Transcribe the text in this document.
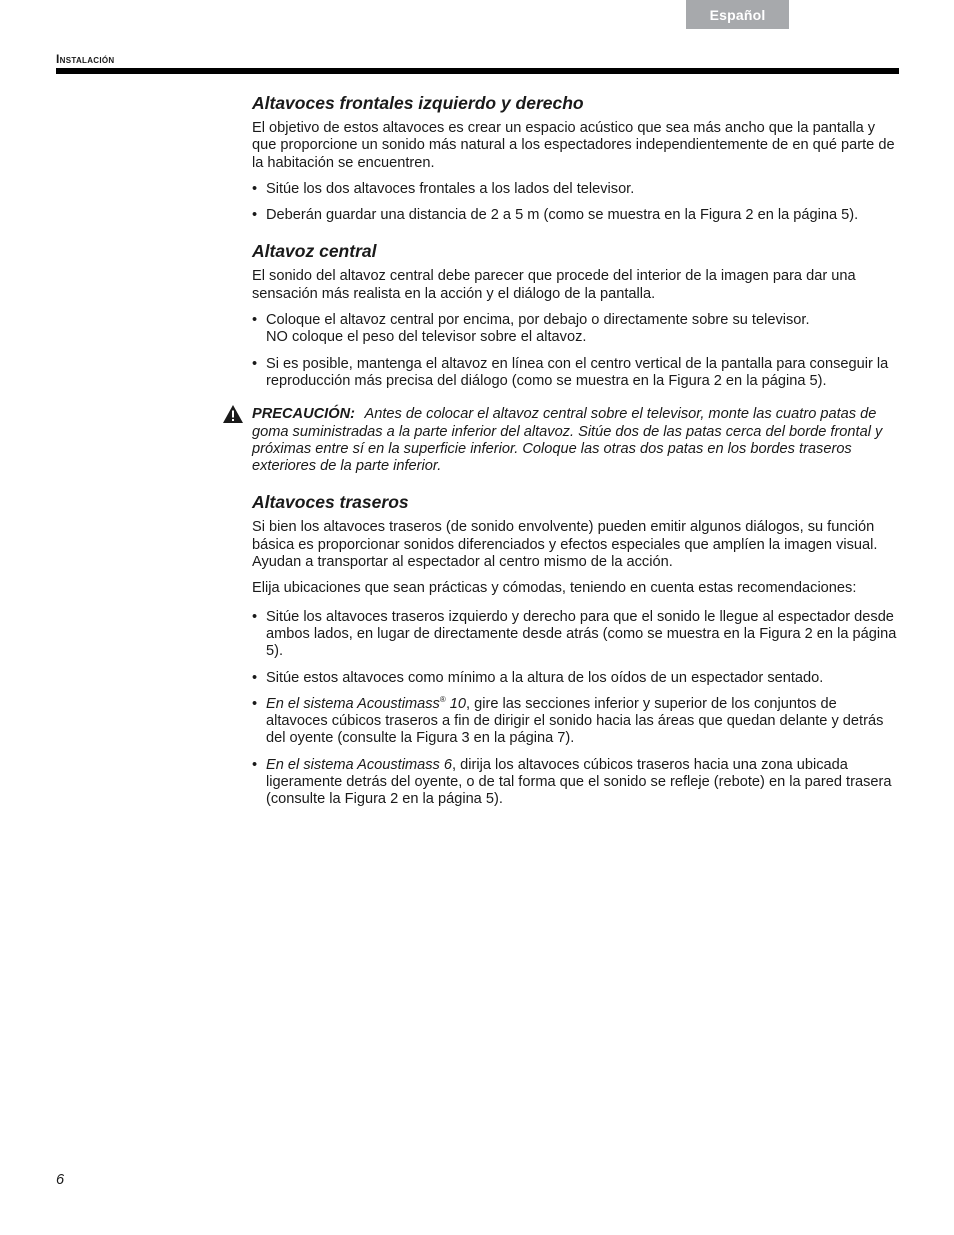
Español
Instalación
Altavoces frontales izquierdo y derecho

El objetivo de estos altavoces es crear un espacio acústico que sea más ancho que la pantalla y que proporcione un sonido más natural a los espectadores independientemente de en qué parte de la habitación se encuentren.

• Sitúe los dos altavoces frontales a los lados del televisor.
• Deberán guardar una distancia de 2 a 5 m (como se muestra en la Figura 2 en la página 5).
Altavoz central

El sonido del altavoz central debe parecer que procede del interior de la imagen para dar una sensación más realista en la acción y el diálogo de la pantalla.

• Coloque el altavoz central por encima, por debajo o directamente sobre su televisor.
NO coloque el peso del televisor sobre el altavoz.
• Si es posible, mantenga el altavoz en línea con el centro vertical de la pantalla para conseguir la reproducción más precisa del diálogo (como se muestra en la Figura 2 en la página 5).
PRECAUCIÓN: Antes de colocar el altavoz central sobre el televisor, monte las cuatro patas de goma suministradas a la parte inferior del altavoz. Sitúe dos de las patas cerca del borde frontal y próximas entre sí en la superficie inferior. Coloque las otras dos patas en los bordes traseros exteriores de la parte inferior.
Altavoces traseros

Si bien los altavoces traseros (de sonido envolvente) pueden emitir algunos diálogos, su función básica es proporcionar sonidos diferenciados y efectos especiales que amplíen la imagen visual. Ayudan a transportar al espectador al centro mismo de la acción.

Elija ubicaciones que sean prácticas y cómodas, teniendo en cuenta estas recomendaciones:

• Sitúe los altavoces traseros izquierdo y derecho para que el sonido le llegue al espectador desde ambos lados, en lugar de directamente desde atrás (como se muestra en la Figura 2 en la página 5).
• Sitúe estos altavoces como mínimo a la altura de los oídos de un espectador sentado.
• En el sistema Acoustimass® 10, gire las secciones inferior y superior de los conjuntos de altavoces cúbicos traseros a fin de dirigir el sonido hacia las áreas que quedan delante y detrás del oyente (consulte la Figura 3 en la página 7).
• En el sistema Acoustimass 6, dirija los altavoces cúbicos traseros hacia una zona ubicada ligeramente detrás del oyente, o de tal forma que el sonido se refleje (rebote) en la pared trasera (consulte la Figura 2 en la página 5).
6
